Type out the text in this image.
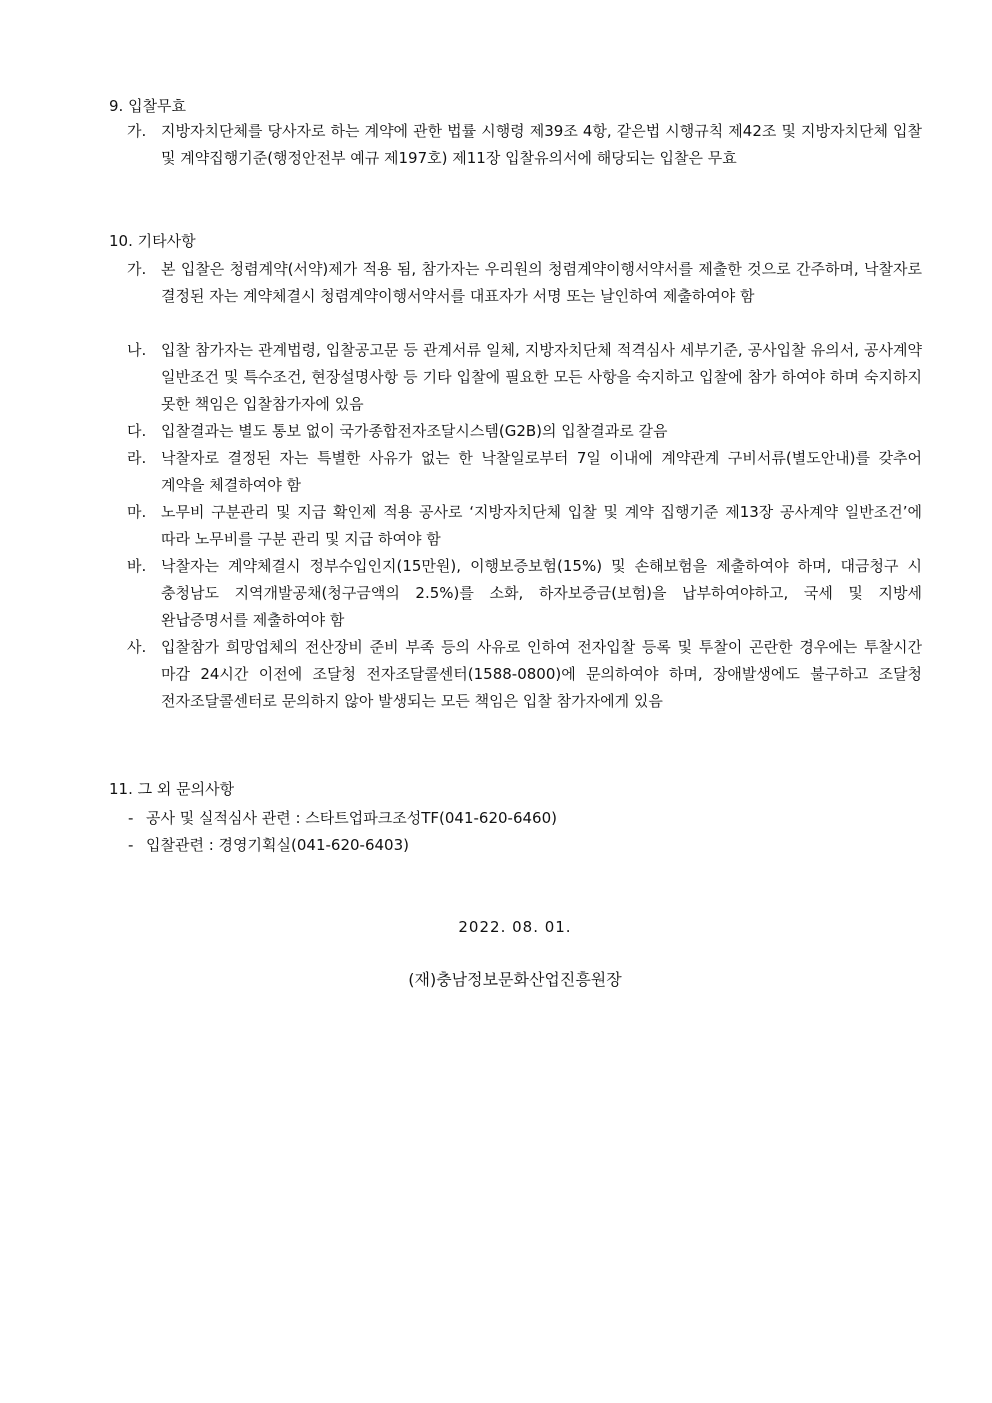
9. 입찰무효
가. 지방자치단체를 당사자로 하는 계약에 관한 법률 시행령 제39조 4항, 같은법 시행규칙 제42조 및 지방자치단체 입찰 및 계약집행기준(행정안전부 예규 제197호) 제11장 입찰유의서에 해당되는 입찰은 무효
10. 기타사항
가. 본 입찰은 청렴계약(서약)제가 적용 됨, 참가자는 우리원의 청렴계약이행서약서를 제출한 것으로 간주하며, 낙찰자로 결정된 자는 계약체결시 청렴계약이행서약서를 대표자가 서명 또는 날인하여 제출하여야 함
나. 입찰 참가자는 관계법령, 입찰공고문 등 관계서류 일체, 지방자치단체 적격심사 세부기준, 공사입찰 유의서, 공사계약 일반조건 및 특수조건, 현장설명사항 등 기타 입찰에 필요한 모든 사항을 숙지하고 입찰에 참가 하여야 하며 숙지하지 못한 책임은 입찰참가자에 있음
다. 입찰결과는 별도 통보 없이 국가종합전자조달시스템(G2B)의 입찰결과로 갈음
라. 낙찰자로 결정된 자는 특별한 사유가 없는 한 낙찰일로부터 7일 이내에 계약관계 구비서류(별도안내)를 갖추어 계약을 체결하여야 함
마. 노무비 구분관리 및 지급 확인제 적용 공사로 ‘지방자치단체 입찰 및 계약 집행기준 제13장 공사계약 일반조건’에 따라 노무비를 구분 관리 및 지급 하여야 함
바. 낙찰자는 계약체결시 정부수입인지(15만원), 이행보증보험(15%) 및 손해보험을 제출하여야 하며, 대금청구 시 충청남도 지역개발공채(청구금액의 2.5%)를 소화, 하자보증금(보험)을 납부하여야하고, 국세 및 지방세 완납증명서를 제출하여야 함
사. 입찰참가 희망업체의 전산장비 준비 부족 등의 사유로 인하여 전자입찰 등록 및 투찰이 곤란한 경우에는 투찰시간 마감 24시간 이전에 조달청 전자조달콜센터(1588-0800)에 문의하여야 하며, 장애발생에도 불구하고 조달청 전자조달콜센터로 문의하지 않아 발생되는 모든 책임은 입찰 참가자에게 있음
11. 그 외 문의사항
- 공사 및 실적심사 관련 : 스타트업파크조성TF(041-620-6460)
- 입찰관련 : 경영기획실(041-620-6403)
2022. 08. 01.
(재)충남정보문화산업진흥원장
